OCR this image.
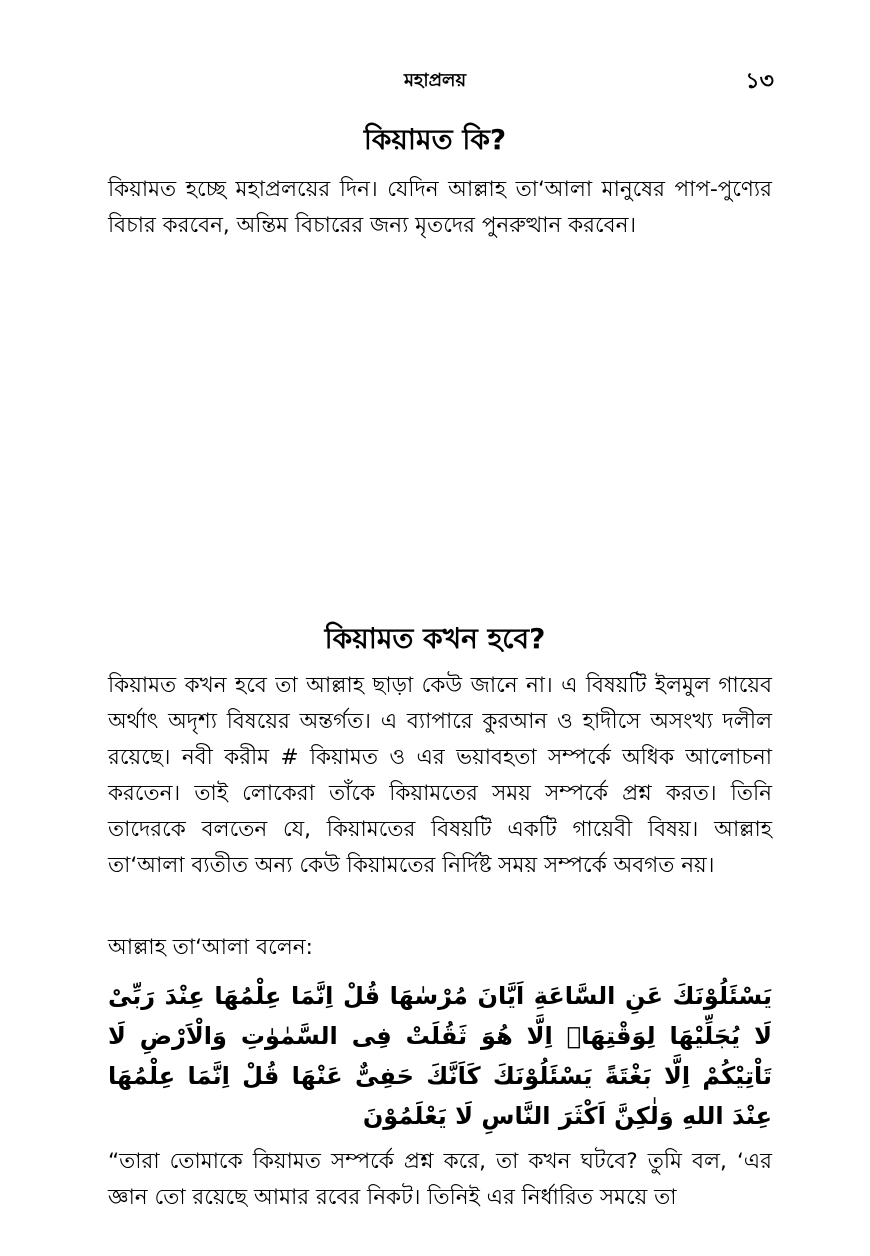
মহাপ্রলয়	১৩
কিয়ামত কি?

কিয়ামত হচ্ছে মহাপ্রলয়ের দিন। যেদিন আল্লাহ তা‘আলা মানুষের পাপ-পুণ্যের বিচার করবেন, অন্তিম বিচারের জন্য মৃতদের পুনরুত্থান করবেন।

কিয়ামত কখন হবে?

কিয়ামত কখন হবে তা আল্লাহ ছাড়া কেউ জানে না। এ বিষয়টি ইলমুল গায়েব অর্থাৎ অদৃশ্য বিষয়ের অন্তর্গত। এ ব্যাপারে কুরআন ও হাদীসে অসংখ্য দলীল রয়েছে। নবী করীম # কিয়ামত ও এর ভয়াবহতা সম্পর্কে অধিক আলোচনা করতেন। তাই লোকেরা তাঁকে কিয়ামতের সময় সম্পর্কে প্রশ্ন করত। তিনি তাদেরকে বলতেন যে, কিয়ামতের বিষয়টি একটি গায়েবী বিষয়। আল্লাহ তা‘আলা ব্যতীত অন্য কেউ কিয়ামতের নির্দিষ্ট সময় সম্পর্কে অবগত নয়।

আল্লাহ তা‘আলা বলেন:

يَسْئَلُوْنَكَ عَنِ السَّاعَةِ اَيَّانَ مُرْسٰهَا قُلْ اِنَّمَا عِلْمُهَا عِنْدَ رَبِّىْ لَا يُجَلِّيْهَا لِوَقْتِهَاۤ اِلَّا هُوَ ثَقُلَتْ فِى السَّمٰوٰتِ وَالْاَرْضِ لَا تَاْتِيْكُمْ اِلَّا بَغْتَةً يَسْئَلُوْنَكَ كَاَنَّكَ حَفِىٌّ عَنْهَا قُلْ اِنَّمَا عِلْمُهَا عِنْدَ اللهِ وَلٰكِنَّ اَكْثَرَ النَّاسِ لَا يَعْلَمُوْنَ

“তারা তোমাকে কিয়ামত সম্পর্কে প্রশ্ন করে, তা কখন ঘটবে? তুমি বল, ‘এর জ্ঞান তো রয়েছে আমার রবের নিকট। তিনিই এর নির্ধারিত সময়ে তা
